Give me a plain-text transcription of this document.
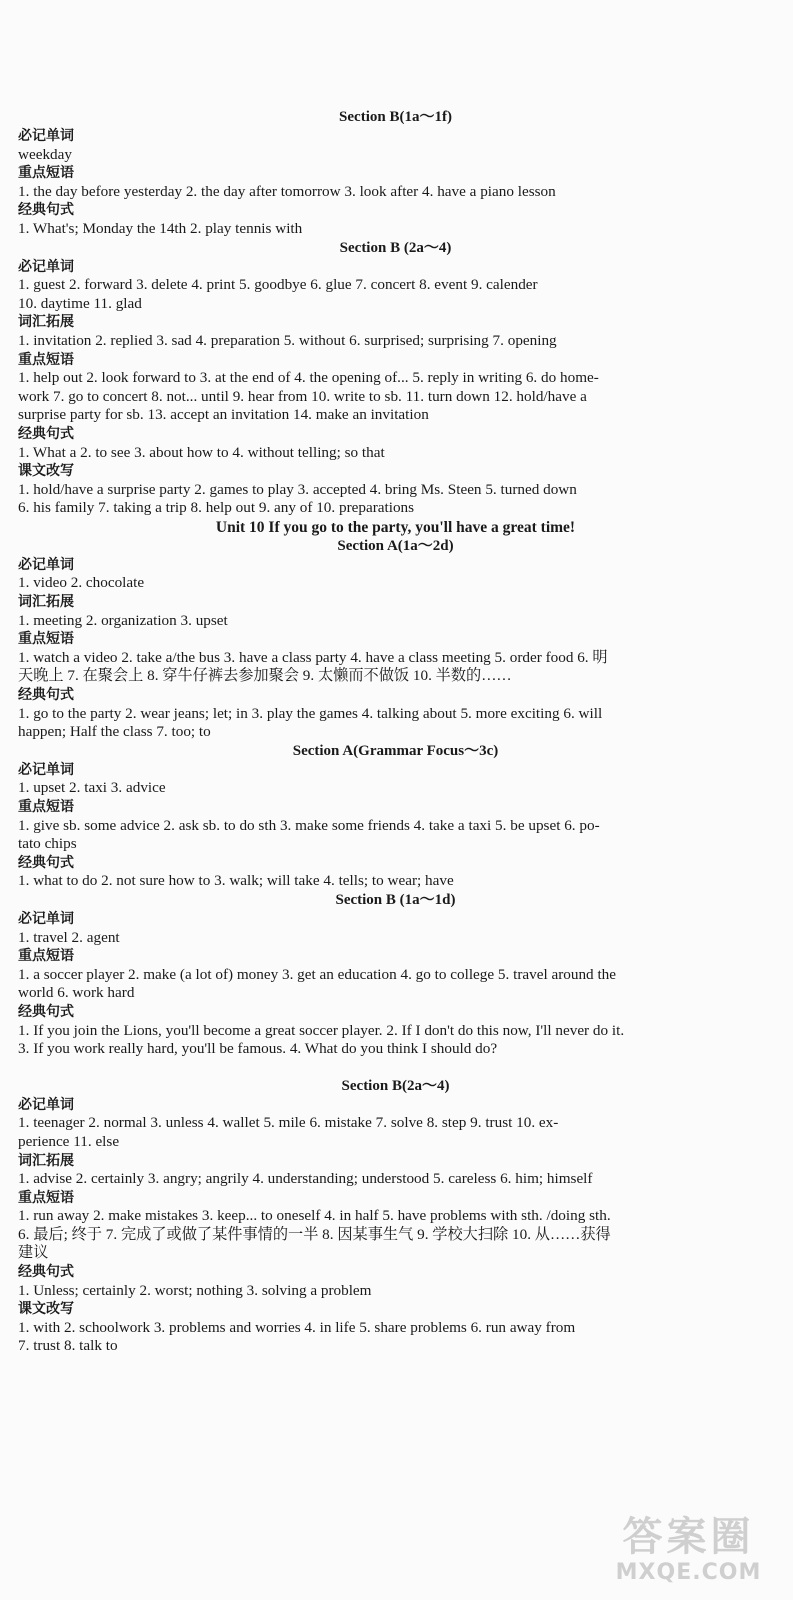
Section B(1a～1f)
必记单词
weekday
重点短语
1. the day before yesterday 2. the day after tomorrow 3. look after 4. have a piano lesson
经典句式
1. What's; Monday the 14th 2. play tennis with
Section B (2a～4)
必记单词
1. guest 2. forward 3. delete 4. print 5. goodbye 6. glue 7. concert 8. event 9. calender
10. daytime 11. glad
词汇拓展
1. invitation 2. replied 3. sad 4. preparation 5. without 6. surprised; surprising 7. opening
重点短语
1. help out 2. look forward to 3. at the end of 4. the opening of... 5. reply in writing 6. do home-
work 7. go to concert 8. not... until 9. hear from 10. write to sb. 11. turn down 12. hold/have a
surprise party for sb. 13. accept an invitation 14. make an invitation
经典句式
1. What a 2. to see 3. about how to 4. without telling; so that
课文改写
1. hold/have a surprise party 2. games to play 3. accepted 4. bring Ms. Steen 5. turned down
6. his family 7. taking a trip 8. help out 9. any of 10. preparations
Unit 10 If you go to the party, you'll have a great time!
Section A(1a～2d)
必记单词
1. video 2. chocolate
词汇拓展
1. meeting 2. organization 3. upset
重点短语
1. watch a video 2. take a/the bus 3. have a class party 4. have a class meeting 5. order food 6. 明
天晚上 7. 在聚会上 8. 穿牛仔裤去参加聚会 9. 太懒而不做饭 10. 半数的……
经典句式
1. go to the party 2. wear jeans; let; in 3. play the games 4. talking about 5. more exciting 6. will
happen; Half the class 7. too; to
Section A(Grammar Focus～3c)
必记单词
1. upset 2. taxi 3. advice
重点短语
1. give sb. some advice 2. ask sb. to do sth 3. make some friends 4. take a taxi 5. be upset 6. po-
tato chips
经典句式
1. what to do 2. not sure how to 3. walk; will take 4. tells; to wear; have
Section B (1a～1d)
必记单词
1. travel 2. agent
重点短语
1. a soccer player 2. make (a lot of) money 3. get an education 4. go to college 5. travel around the
world 6. work hard
经典句式
1. If you join the Lions, you'll become a great soccer player. 2. If I don't do this now, I'll never do it.
3. If you work really hard, you'll be famous. 4. What do you think I should do?
Section B(2a～4)
必记单词
1. teenager 2. normal 3. unless 4. wallet 5. mile 6. mistake 7. solve 8. step 9. trust 10. ex-
perience 11. else
词汇拓展
1. advise 2. certainly 3. angry; angrily 4. understanding; understood 5. careless 6. him; himself
重点短语
1. run away 2. make mistakes 3. keep... to oneself 4. in half 5. have problems with sth. /doing sth.
6. 最后; 终于 7. 完成了或做了某件事情的一半 8. 因某事生气 9. 学校大扫除 10. 从……获得
建议
经典句式
1. Unless; certainly 2. worst; nothing 3. solving a problem
课文改写
1. with 2. schoolwork 3. problems and worries 4. in life 5. share problems 6. run away from
7. trust 8. talk to
答案圈
MXQE.COM
